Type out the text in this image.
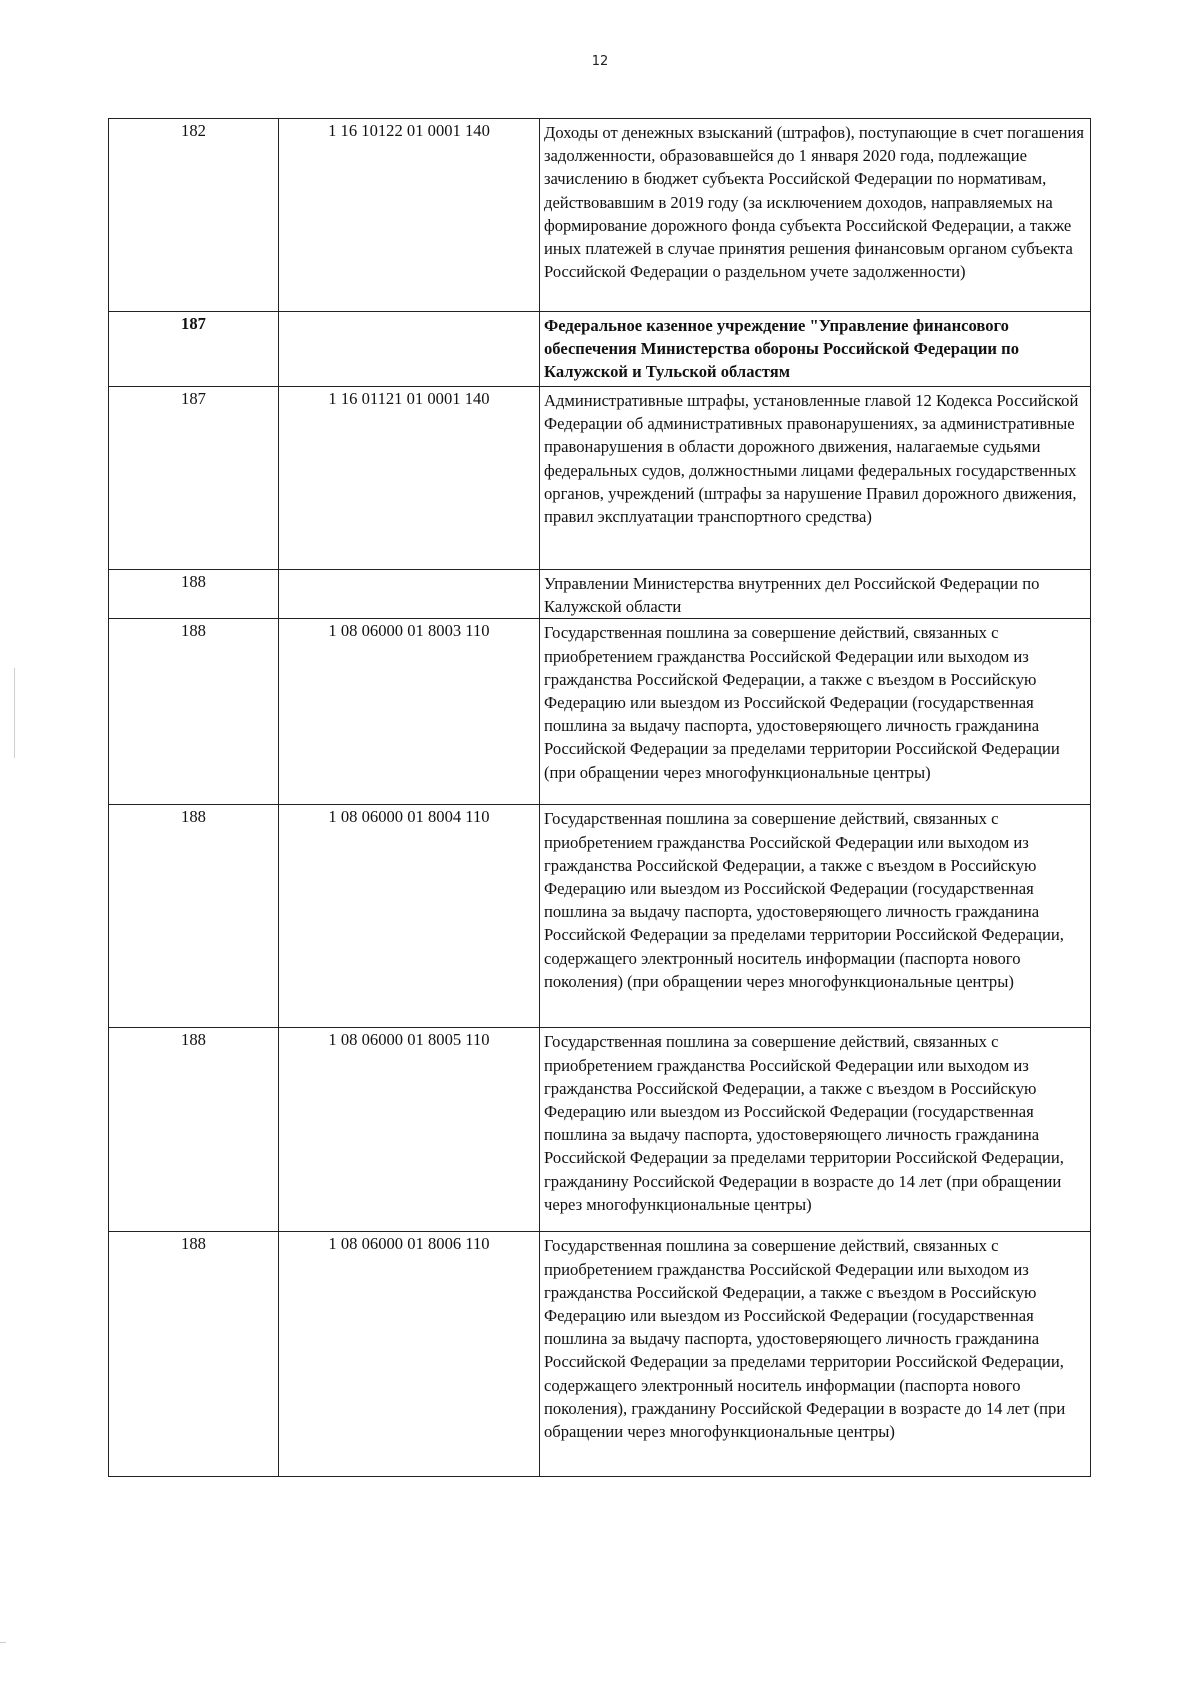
12
182	1 16 10122 01 0001 140	Доходы от денежных взысканий (штрафов), поступающие в счет погашения задолженности, образовавшейся до 1 января 2020 года, подлежащие зачислению в бюджет субъекта Российской Федерации по нормативам, действовавшим в 2019 году (за исключением доходов, направляемых на формирование дорожного фонда субъекта Российской Федерации, а также иных платежей в случае принятия решения финансовым органом субъекта Российской Федерации о раздельном учете задолженности)
187		Федеральное казенное учреждение "Управление финансового обеспечения Министерства обороны Российской Федерации по Калужской и Тульской областям
187	1 16 01121 01 0001 140	Административные штрафы, установленные главой 12 Кодекса Российской Федерации об административных правонарушениях, за административные правонарушения в области дорожного движения, налагаемые судьями федеральных судов, должностными лицами федеральных государственных органов, учреждений (штрафы за нарушение Правил дорожного движения, правил эксплуатации транспортного средства)
188		Управлении Министерства внутренних дел Российской Федерации по Калужской области
188	1 08 06000 01 8003 110	Государственная пошлина за совершение действий, связанных с приобретением гражданства Российской Федерации или выходом из гражданства Российской Федерации, а также с въездом в Российскую Федерацию или выездом из Российской Федерации (государственная пошлина за выдачу паспорта, удостоверяющего личность гражданина Российской Федерации за пределами территории Российской Федерации (при обращении через многофункциональные центры)
188	1 08 06000 01 8004 110	Государственная пошлина за совершение действий, связанных с приобретением гражданства Российской Федерации или выходом из гражданства Российской Федерации, а также с въездом в Российскую Федерацию или выездом из Российской Федерации (государственная пошлина за выдачу паспорта, удостоверяющего личность гражданина Российской Федерации за пределами территории Российской Федерации, содержащего электронный носитель информации (паспорта нового поколения) (при обращении через многофункциональные центры)
188	1 08 06000 01 8005 110	Государственная пошлина за совершение действий, связанных с приобретением гражданства Российской Федерации или выходом из гражданства Российской Федерации, а также с въездом в Российскую Федерацию или выездом из Российской Федерации (государственная пошлина за выдачу паспорта, удостоверяющего личность гражданина Российской Федерации за пределами территории Российской Федерации, гражданину Российской Федерации в возрасте до 14 лет (при обращении через многофункциональные центры)
188	1 08 06000 01 8006 110	Государственная пошлина за совершение действий, связанных с приобретением гражданства Российской Федерации или выходом из гражданства Российской Федерации, а также с въездом в Российскую Федерацию или выездом из Российской Федерации (государственная пошлина за выдачу паспорта, удостоверяющего личность гражданина Российской Федерации за пределами территории Российской Федерации, содержащего электронный носитель информации (паспорта нового поколения), гражданину Российской Федерации в возрасте до 14 лет (при обращении через многофункциональные центры)
